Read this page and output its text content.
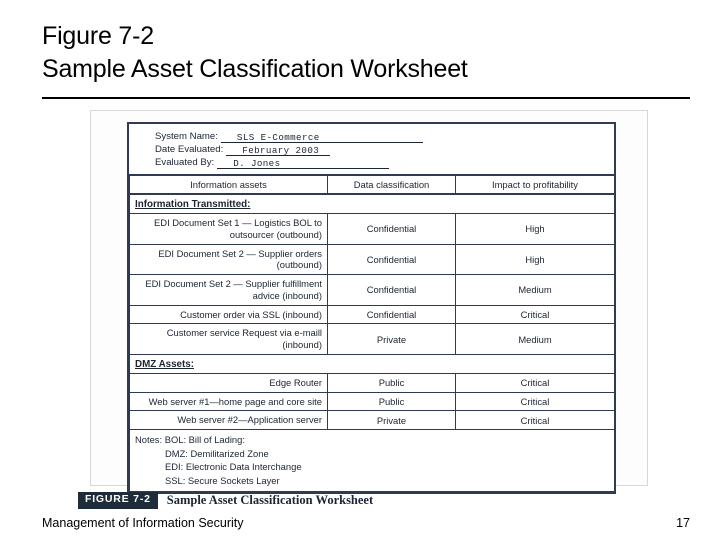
Figure 7-2
Sample Asset Classification Worksheet
System Name:	SLS E-Commerce
Date Evaluated:	February 2003
Evaluated By:	D. Jones
Information assets	Data classification	Impact to profitability
Information Transmitted:		
EDI Document Set 1 — Logistics BOL to outsourcer (outbound)	Confidential	High
EDI Document Set 2 — Supplier orders (outbound)	Confidential	High
EDI Document Set 2 — Supplier fulfillment advice (inbound)	Confidential	Medium
Customer order via SSL (inbound)	Confidential	Critical
Customer service Request via e-maill (inbound)	Private	Medium
DMZ Assets:		
Edge Router	Public	Critical
Web server #1—home page and core site	Public	Critical
Web server #2—Application server	Private	Critical

Notes: BOL: Bill of Lading:
DMZ: Demilitarized Zone
EDI: Electronic Data Interchange
SSL: Secure Sockets Layer		
FIGURE 7-2	Sample Asset Classification Worksheet
Management of Information Security	17
